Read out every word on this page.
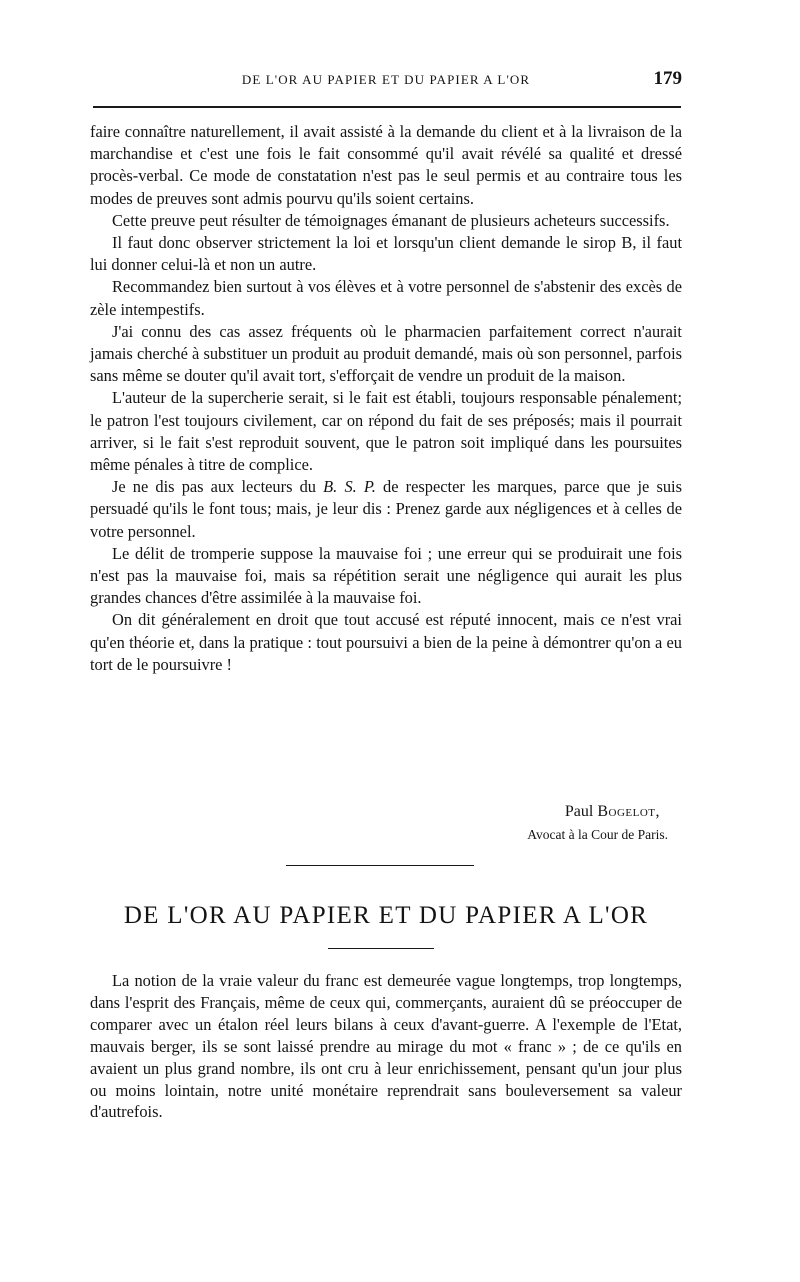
DE L'OR AU PAPIER ET DU PAPIER A L'OR	179

faire connaître naturellement, il avait assisté à la demande du client et à la livraison de la marchandise et c'est une fois le fait consommé qu'il avait révélé sa qualité et dressé procès-verbal. Ce mode de constatation n'est pas le seul permis et au contraire tous les modes de preuves sont admis pourvu qu'ils soient certains.

Cette preuve peut résulter de témoignages émanant de plusieurs acheteurs successifs.

Il faut donc observer strictement la loi et lorsqu'un client demande le sirop B, il faut lui donner celui-là et non un autre.

Recommandez bien surtout à vos élèves et à votre personnel de s'abstenir des excès de zèle intempestifs.

J'ai connu des cas assez fréquents où le pharmacien parfaitement correct n'aurait jamais cherché à substituer un produit au produit demandé, mais où son personnel, parfois sans même se douter qu'il avait tort, s'efforçait de vendre un produit de la maison.

L'auteur de la supercherie serait, si le fait est établi, toujours responsable pénalement; le patron l'est toujours civilement, car on répond du fait de ses préposés; mais il pourrait arriver, si le fait s'est reproduit souvent, que le patron soit impliqué dans les poursuites même pénales à titre de complice.

Je ne dis pas aux lecteurs du B. S. P. de respecter les marques, parce que je suis persuadé qu'ils le font tous; mais, je leur dis : Prenez garde aux négligences et à celles de votre personnel.

Le délit de tromperie suppose la mauvaise foi ; une erreur qui se produirait une fois n'est pas la mauvaise foi, mais sa répétition serait une négligence qui aurait les plus grandes chances d'être assimilée à la mauvaise foi.

On dit généralement en droit que tout accusé est réputé innocent, mais ce n'est vrai qu'en théorie et, dans la pratique : tout poursuivi a bien de la peine à démontrer qu'on a eu tort de le poursuivre !

Paul Bogelot,
Avocat à la Cour de Paris.
DE L'OR AU PAPIER ET DU PAPIER A L'OR

La notion de la vraie valeur du franc est demeurée vague longtemps, trop longtemps, dans l'esprit des Français, même de ceux qui, commerçants, auraient dû se préoccuper de comparer avec un étalon réel leurs bilans à ceux d'avant-guerre. A l'exemple de l'Etat, mauvais berger, ils se sont laissé prendre au mirage du mot « franc » ; de ce qu'ils en avaient un plus grand nombre, ils ont cru à leur enrichissement, pensant qu'un jour plus ou moins lointain, notre unité monétaire reprendrait sans bouleversement sa valeur d'autrefois.
